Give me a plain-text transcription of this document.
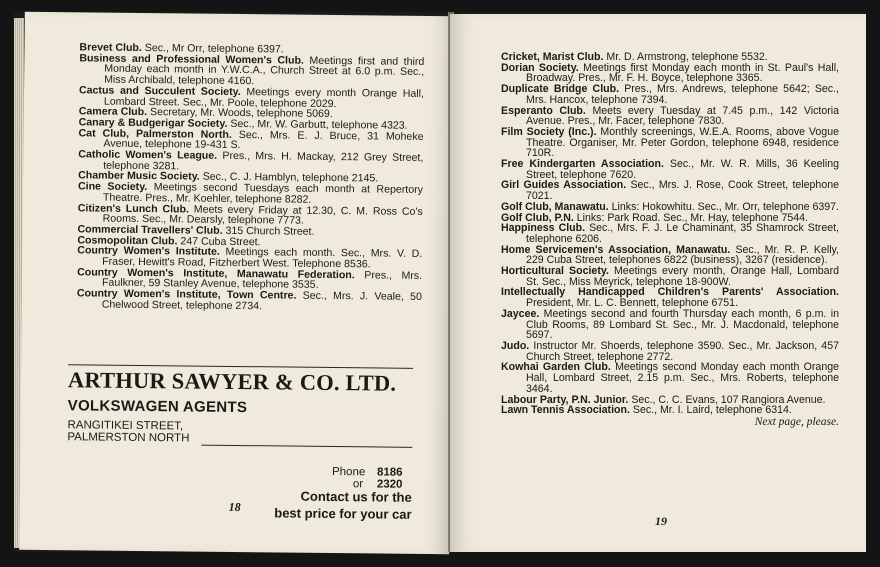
Brevet Club. Sec., Mr Orr, telephone 6397.

Business and Professional Women's Club. Meetings first and third Monday each month in Y.W.C.A., Church Street at 6.0 p.m. Sec., Miss Archibald, telephone 4160.

Cactus and Succulent Society. Meetings every month Orange Hall, Lombard Street. Sec., Mr. Poole, telephone 2029.

Camera Club. Secretary, Mr. Woods, telephone 5069.

Canary & Budgerigar Society. Sec., Mr. W. Garbutt, telephone 4323.

Cat Club, Palmerston North. Sec., Mrs. E. J. Bruce, 31 Moheke Avenue, telephone 19-431 S.

Catholic Women's League. Pres., Mrs. H. Mackay, 212 Grey Street, telephone 3281.

Chamber Music Society. Sec., C. J. Hamblyn, telephone 2145.

Cine Society. Meetings second Tuesdays each month at Repertory Theatre. Pres., Mr. Koehler, telephone 8282.

Citizen's Lunch Club. Meets every Friday at 12.30, C. M. Ross Co's Rooms. Sec., Mr. Dearsly, telephone 7773.

Commercial Travellers' Club. 315 Church Street.

Cosmopolitan Club. 247 Cuba Street.

Country Women's Institute. Meetings each month. Sec., Mrs. V. D. Fraser, Hewitt's Road, Fitzherbert West. Telephone 8536.

Country Women's Institute, Manawatu Federation. Pres., Mrs. Faulkner, 59 Stanley Avenue, telephone 3535.

Country Women's Institute, Town Centre. Sec., Mrs. J. Veale, 50 Chelwood Street, telephone 2734.

ARTHUR SAWYER & CO. LTD.
VOLKSWAGEN AGENTS
RANGITIKEI STREET,
PALMERSTON NORTH
Phone 8186
or 2320
Contact us for the
best price for your car
18

Cricket, Marist Club. Mr. D. Armstrong, telephone 5532.

Dorian Society. Meetings first Monday each month in St. Paul's Hall, Broadway. Pres., Mr. F. H. Boyce, telephone 3365.

Duplicate Bridge Club. Pres., Mrs. Andrews, telephone 5642; Sec., Mrs. Hancox, telephone 7394.

Esperanto Club. Meets every Tuesday at 7.45 p.m., 142 Victoria Avenue. Pres., Mr. Facer, telephone 7830.

Film Society (Inc.). Monthly screenings, W.E.A. Rooms, above Vogue Theatre. Organiser, Mr. Peter Gordon, telephone 6948, residence 710R.

Free Kindergarten Association. Sec., Mr. W. R. Mills, 36 Keeling Street, telephone 7620.

Girl Guides Association. Sec., Mrs. J. Rose, Cook Street, telephone 7021.

Golf Club, Manawatu. Links: Hokowhitu. Sec., Mr. Orr, telephone 6397.

Golf Club, P.N. Links: Park Road. Sec., Mr. Hay, telephone 7544.

Happiness Club. Sec., Mrs. F. J. Le Chaminant, 35 Shamrock Street, telephone 6206.

Home Servicemen's Association, Manawatu. Sec., Mr. R. P. Kelly, 229 Cuba Street, telephones 6822 (business), 3267 (residence).

Horticultural Society. Meetings every month, Orange Hall, Lombard St. Sec., Miss Meyrick, telephone 18-900W.

Intellectually Handicapped Children's Parents' Association. President, Mr. L. C. Bennett, telephone 6751.

Jaycee. Meetings second and fourth Thursday each month, 6 p.m. in Club Rooms, 89 Lombard St. Sec., Mr. J. Macdonald, telephone 5697.

Judo. Instructor Mr. Shoerds, telephone 3590. Sec., Mr. Jackson, 457 Church Street, telephone 2772.

Kowhai Garden Club. Meetings second Monday each month Orange Hall, Lombard Street, 2.15 p.m. Sec., Mrs. Roberts, telephone 3464.

Labour Party, P.N. Junior. Sec., C. C. Evans, 107 Rangiora Avenue.

Lawn Tennis Association. Sec., Mr. I. Laird, telephone 6314.

Next page, please.
19
